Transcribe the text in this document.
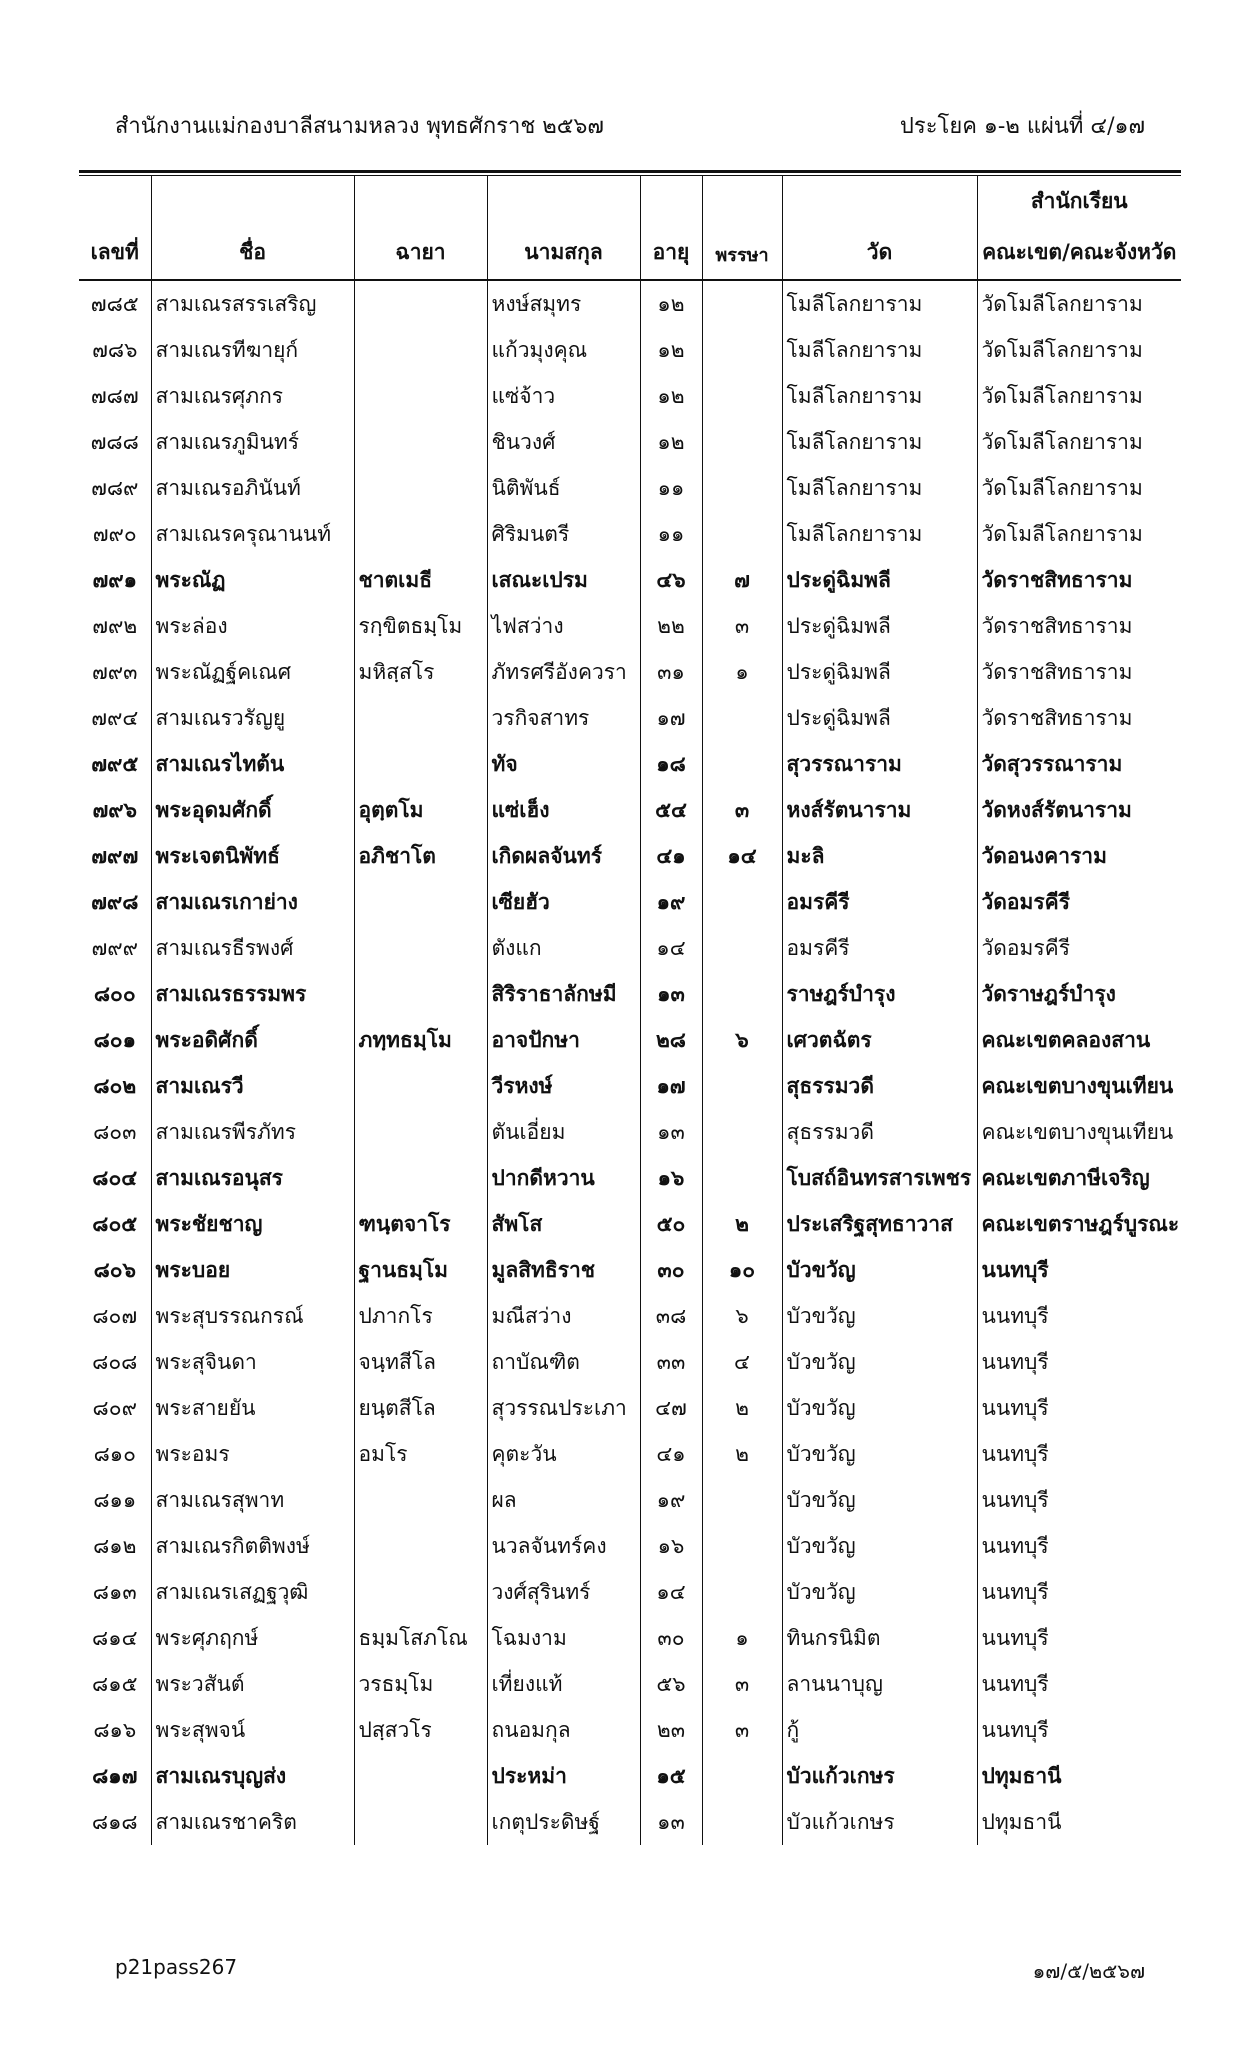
สำนักงานแม่กองบาลีสนามหลวง พุทธศักราช ๒๕๖๗	ประโยค ๑-๒ แผ่นที่ ๔/๑๗
เลขที่	ชื่อ	ฉายา	นามสกุล	อายุ	พรรษา	วัด	สำนักเรียน
คณะเขต/คณะจังหวัด

๗๘๕	สามเณรสรรเสริญ		หงษ์สมุทร	๑๒		โมลีโลกยาราม	วัดโมลีโลกยาราม
๗๘๖	สามเณรทีฆายุก์		แก้วมุงคุณ	๑๒		โมลีโลกยาราม	วัดโมลีโลกยาราม
๗๘๗	สามเณรศุภกร		แซ่จ้าว	๑๒		โมลีโลกยาราม	วัดโมลีโลกยาราม
๗๘๘	สามเณรภูมินทร์		ชินวงศ์	๑๒		โมลีโลกยาราม	วัดโมลีโลกยาราม
๗๘๙	สามเณรอภินันท์		นิติพันธ์	๑๑		โมลีโลกยาราม	วัดโมลีโลกยาราม
๗๙๐	สามเณรครุณานนท์		ศิริมนตรี	๑๑		โมลีโลกยาราม	วัดโมลีโลกยาราม
๗๙๑	พระณัฏ	ชาตเมธี	เสณะเปรม	๔๖	๗	ประดู่ฉิมพลี	วัดราชสิทธาราม
๗๙๒	พระล่อง	รกฺขิตธมฺโม	ไฟสว่าง	๒๒	๓	ประดู่ฉิมพลี	วัดราชสิทธาราม
๗๙๓	พระณัฏฐ์คเณศ	มหิสฺสโร	ภัทรศรีอังควรา	๓๑	๑	ประดู่ฉิมพลี	วัดราชสิทธาราม
๗๙๔	สามเณรวรัญยู		วรกิจสาทร	๑๗		ประดู่ฉิมพลี	วัดราชสิทธาราม
๗๙๕	สามเณรไทต้น		ทัจ	๑๘		สุวรรณาราม	วัดสุวรรณาราม
๗๙๖	พระอุดมศักดิ์	อุตฺตโม	แซ่เฮ็ง	๕๔	๓	หงส์รัตนาราม	วัดหงส์รัตนาราม
๗๙๗	พระเจตนิพัทธ์	อภิชาโต	เกิดผลจันทร์	๔๑	๑๔	มะลิ	วัดอนงคาราม
๗๙๘	สามเณรเกาย่าง		เซียฮัว	๑๙		อมรคีรี	วัดอมรคีรี
๗๙๙	สามเณรธีรพงศ์		ตังแก	๑๔		อมรคีรี	วัดอมรคีรี
๘๐๐	สามเณรธรรมพร		สิริราธาลักษมี	๑๓		ราษฎร์บำรุง	วัดราษฎร์บำรุง
๘๐๑	พระอดิศักดิ์	ภทฺทธมฺโม	อาจปักษา	๒๘	๖	เศวตฉัตร	คณะเขตคลองสาน
๘๐๒	สามเณรวี		วีรหงษ์	๑๗		สุธรรมวดี	คณะเขตบางขุนเทียน
๘๐๓	สามเณรพีรภัทร		ตันเอี่ยม	๑๓		สุธรรมวดี	คณะเขตบางขุนเทียน
๘๐๔	สามเณรอนุสร		ปากดีหวาน	๑๖		โบสถ์อินทรสารเพชร	คณะเขตภาษีเจริญ
๘๐๕	พระชัยชาญ	ฑนฺตจาโร	สัพโส	๕๐	๒	ประเสริฐสุทธาวาส	คณะเขตราษฎร์บูรณะ
๘๐๖	พระบอย	ฐานธมฺโม	มูลสิทธิราช	๓๐	๑๐	บัวขวัญ	นนทบุรี
๘๐๗	พระสุบรรณกรณ์	ปภากโร	มณีสว่าง	๓๘	๖	บัวขวัญ	นนทบุรี
๘๐๘	พระสุจินดา	จนฺทสีโล	ถาบัณฑิต	๓๓	๔	บัวขวัญ	นนทบุรี
๘๐๙	พระสายยัน	ยนฺตสีโล	สุวรรณประเภา	๔๗	๒	บัวขวัญ	นนทบุรี
๘๑๐	พระอมร	อมโร	คุตะวัน	๔๑	๒	บัวขวัญ	นนทบุรี
๘๑๑	สามเณรสุพาท		ผล	๑๙		บัวขวัญ	นนทบุรี
๘๑๒	สามเณรกิตติพงษ์		นวลจันทร์คง	๑๖		บัวขวัญ	นนทบุรี
๘๑๓	สามเณรเสฏฐวุฒิ		วงศ์สุรินทร์	๑๔		บัวขวัญ	นนทบุรี
๘๑๔	พระศุภฤกษ์	ธมฺมโสภโณ	โฉมงาม	๓๐	๑	ทินกรนิมิต	นนทบุรี
๘๑๕	พระวสันต์	วรธมฺโม	เที่ยงแท้	๕๖	๓	ลานนาบุญ	นนทบุรี
๘๑๖	พระสุพจน์	ปสฺสวโร	ถนอมกุล	๒๓	๓	กู้	นนทบุรี
๘๑๗	สามเณรบุญส่ง		ประหม่า	๑๕		บัวแก้วเกษร	ปทุมธานี
๘๑๘	สามเณรชาคริต		เกตุประดิษฐ์	๑๓		บัวแก้วเกษร	ปทุมธานี
p21pass267	๑๗/๕/๒๕๖๗
